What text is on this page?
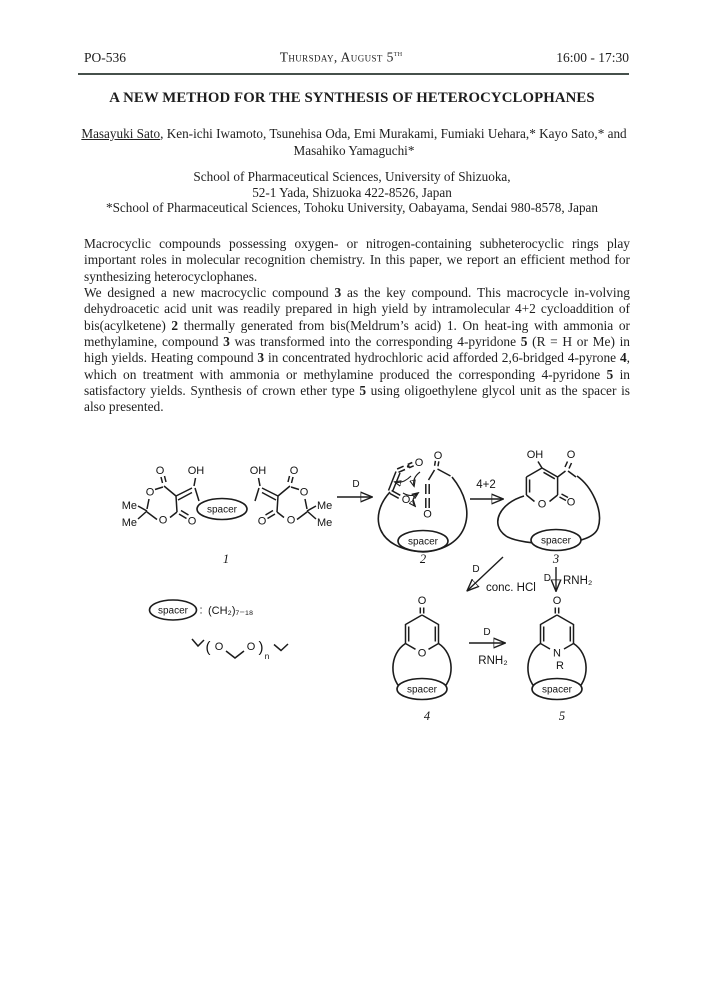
PO-536	Thursday, August 5th	16:00 - 17:30
A NEW METHOD FOR THE SYNTHESIS OF HETEROCYCLOPHANES

Masayuki Sato, Ken-ichi Iwamoto, Tsunehisa Oda, Emi Murakami, Fumiaki Uehara,* Kayo Sato,* and Masahiko Yamaguchi*

School of Pharmaceutical Sciences, University of Shizuoka,
52-1 Yada, Shizuoka 422-8526, Japan
*School of Pharmaceutical Sciences, Tohoku University, Oabayama, Sendai 980-8578, Japan

Macrocyclic compounds possessing oxygen- or nitrogen-containing subheterocyclic rings play important roles in molecular recognition chemistry. In this paper, we report an efficient method for synthesizing heterocyclophanes.

We designed a new macrocyclic compound 3 as the key compound. This macrocycle in-volving dehydroacetic acid unit was readily prepared in high yield by intramolecular 4+2 cycloaddition of bis(acylketene) 2 thermally generated from bis(Meldrum’s acid) 1. On heat-ing with ammonia or methylamine, compound 3 was transformed into the corresponding 4-pyridone 5 (R = H or Me) in high yields. Heating compound 3 in concentrated hydrochloric acid afforded 2,6-bridged 4-pyrone 4, which on treatment with ammonia or methylamine produced the corresponding 4-pyridone 5 in satisfactory yields. Synthesis of crown ether type 5 using oligoethylene glycol unit as the spacer is also presented.

O OH
O
O O
Me
Me
OH O
O
O
O
Me
Me
spacer
1
D
O
O
O
O
spacer
2
4+2
OH O
O
O
spacer
3
D
conc. HCl
D RNH₂
O
O
spacer
4
D
RNH₂
O
N
R
spacer
5
spacer : (CH₂)₇₋₁₈
( O O ) n
